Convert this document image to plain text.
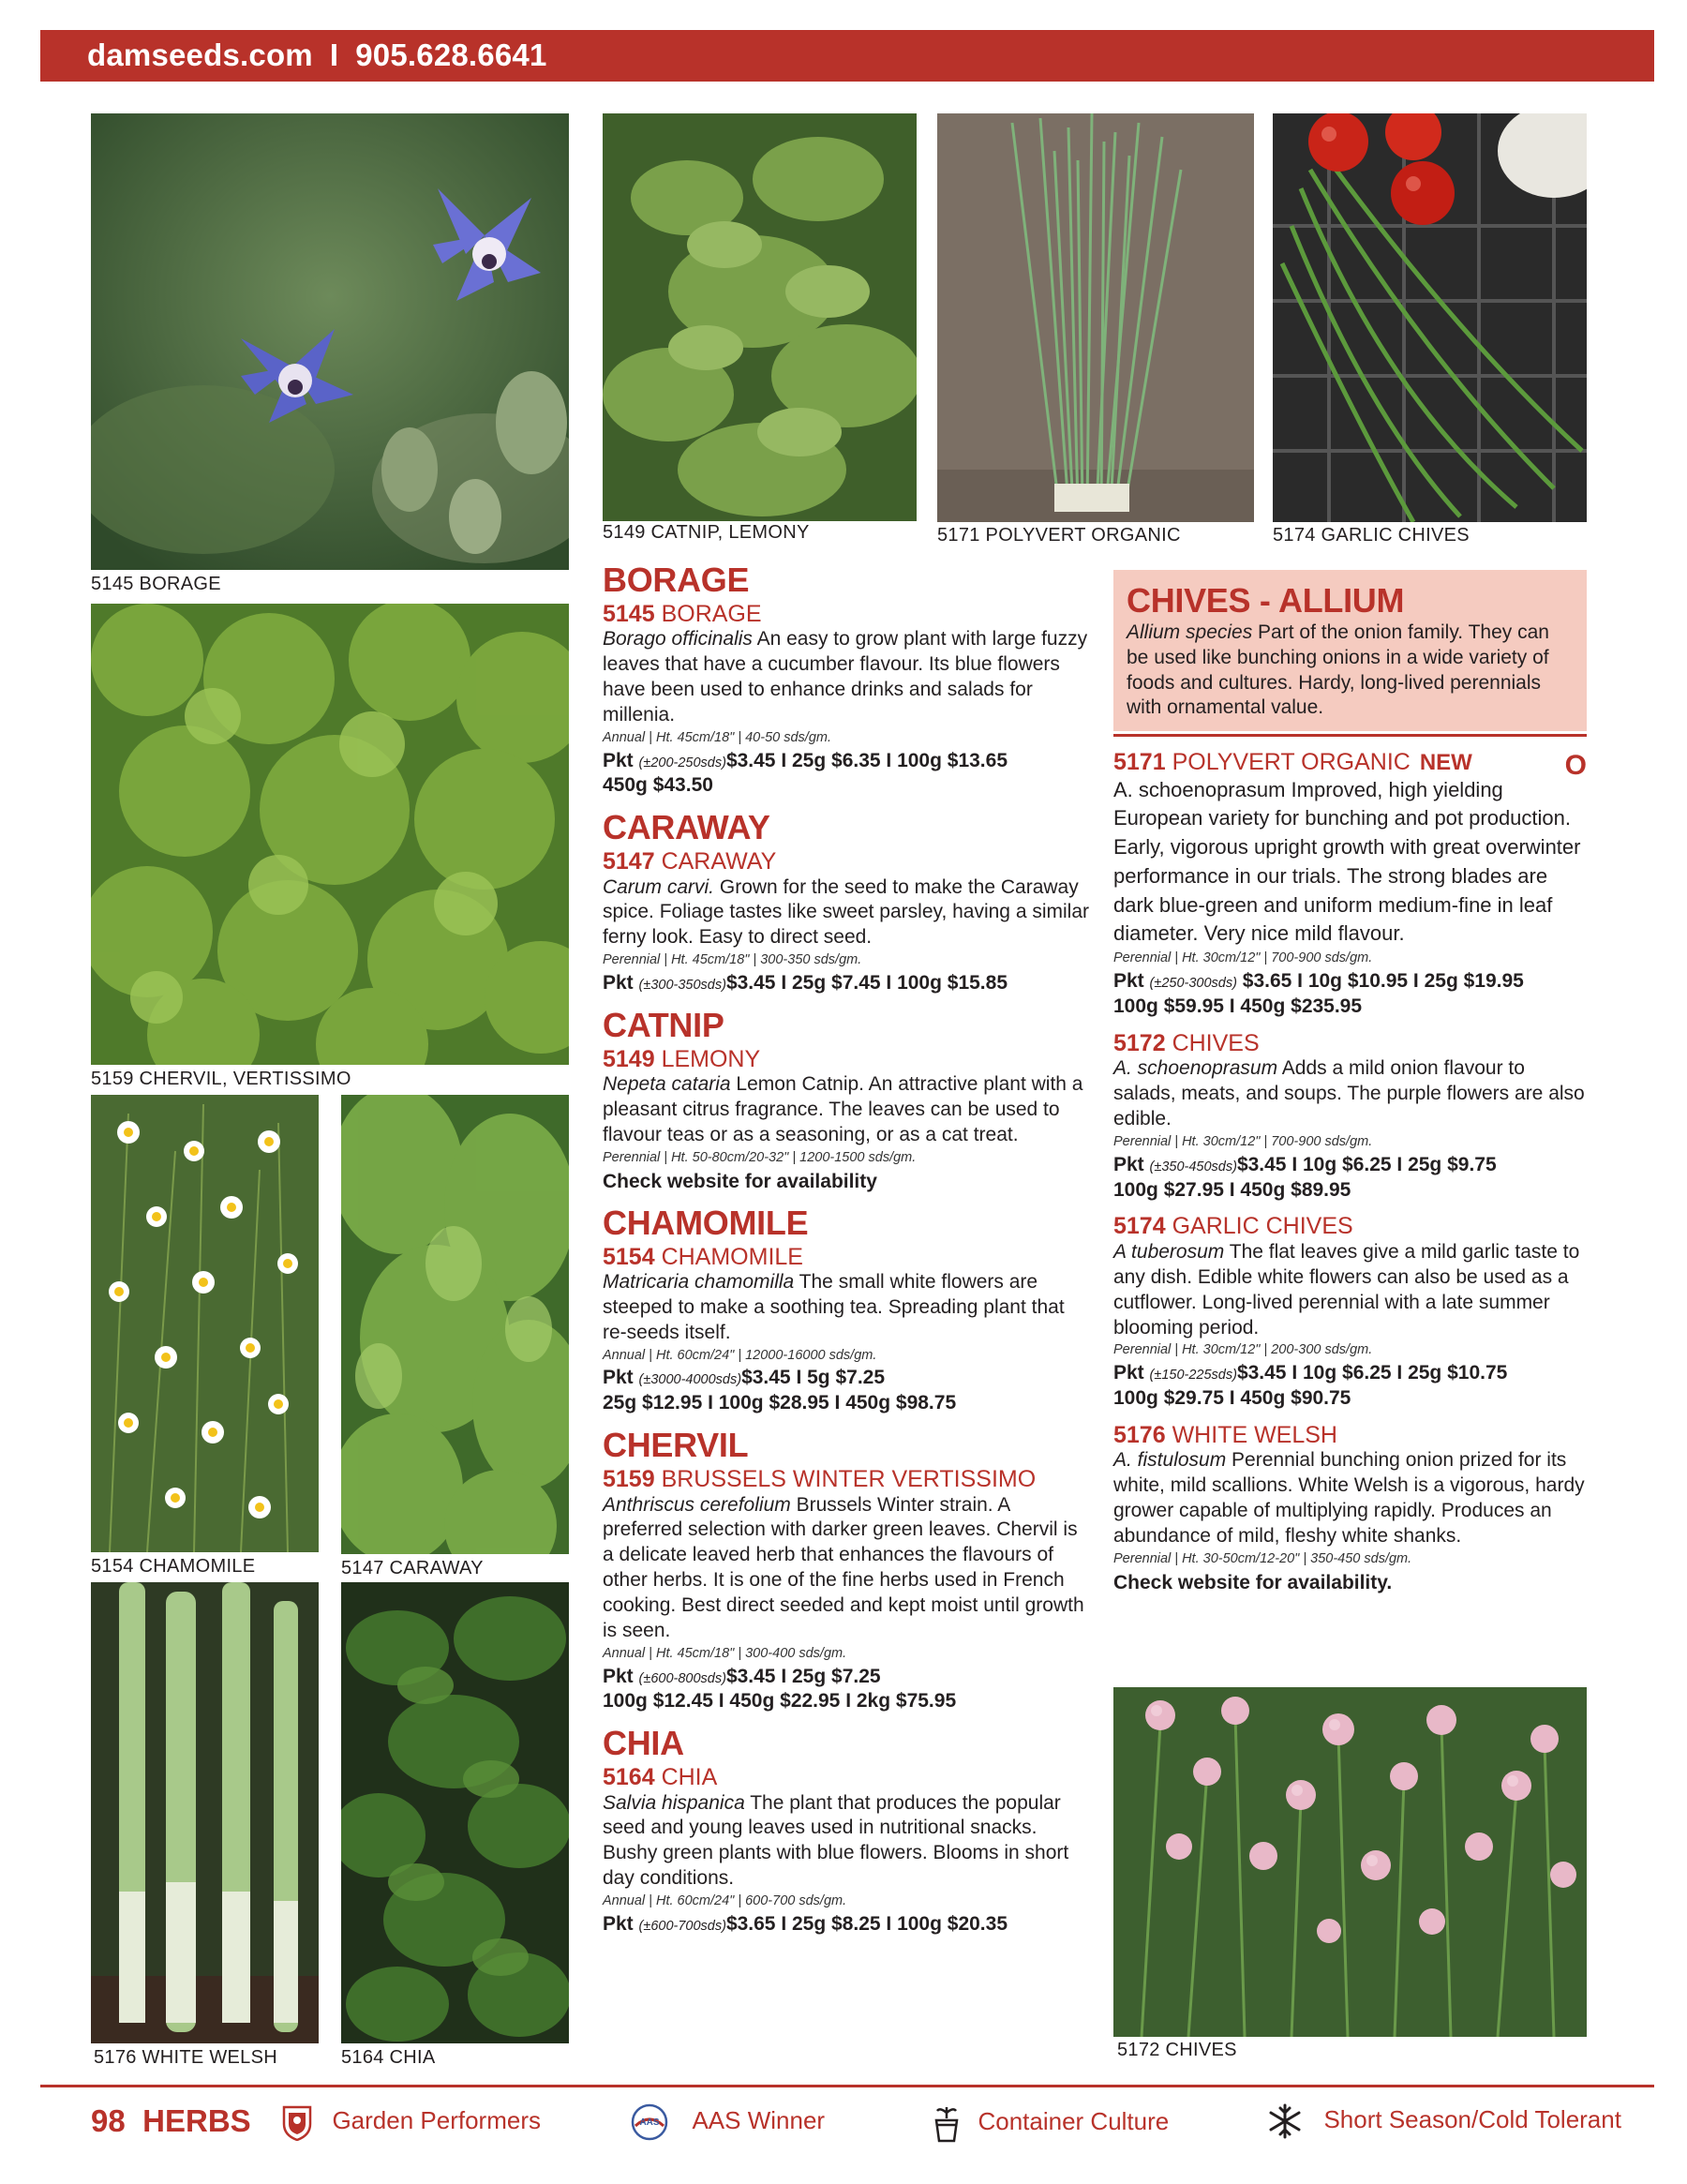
damseeds.com I 905.628.6641
5145 BORAGE
5149 CATNIP, LEMONY	5171 POLYVERT ORGANIC	5174 GARLIC CHIVES
5159 CHERVIL, VERTISSIMO
5154 CHAMOMILE	5147 CARAWAY
5176 WHITE WELSH	5164 CHIA	5172 CHIVES
BORAGE
5145 BORAGE
Borago officinalis An easy to grow plant with large fuzzy leaves that have a cucumber flavour. Its blue flowers have been used to enhance drinks and salads for millenia.
Annual | Ht. 45cm/18" | 40-50 sds/gm.
Pkt (±200-250sds)$3.45 I 25g $6.35 I 100g $13.65
450g $43.50
CARAWAY
5147 CARAWAY
Carum carvi. Grown for the seed to make the Caraway spice. Foliage tastes like sweet parsley, having a similar ferny look. Easy to direct seed.
Perennial | Ht. 45cm/18" | 300-350 sds/gm.
Pkt (±300-350sds)$3.45 I 25g $7.45 I 100g $15.85
CATNIP
5149 LEMONY
Nepeta cataria Lemon Catnip. An attractive plant with a pleasant citrus fragrance. The leaves can be used to flavour teas or as a seasoning, or as a cat treat.
Perennial | Ht. 50-80cm/20-32" | 1200-1500 sds/gm.
Check website for availability
CHAMOMILE
5154 CHAMOMILE
Matricaria chamomilla The small white flowers are steeped to make a soothing tea. Spreading plant that re-seeds itself.
Annual | Ht. 60cm/24" | 12000-16000 sds/gm.
Pkt (±3000-4000sds)$3.45 I 5g $7.25
25g $12.95 I 100g $28.95 I 450g $98.75
CHERVIL
5159 BRUSSELS WINTER VERTISSIMO
Anthriscus cerefolium Brussels Winter strain. A preferred selection with darker green leaves. Chervil is a delicate leaved herb that enhances the flavours of other herbs. It is one of the fine herbs used in French cooking. Best direct seeded and kept moist until growth is seen.
Annual | Ht. 45cm/18" | 300-400 sds/gm.
Pkt (±600-800sds)$3.45 I 25g $7.25
100g $12.45 I 450g $22.95 I 2kg $75.95
CHIA
5164 CHIA
Salvia hispanica The plant that produces the popular seed and young leaves used in nutritional snacks. Bushy green plants with blue flowers. Blooms in short day conditions.
Annual | Ht. 60cm/24" | 600-700 sds/gm.
Pkt (±600-700sds)$3.65 I 25g $8.25 I 100g $20.35
CHIVES - ALLIUM
Allium species Part of the onion family. They can be used like bunching onions in a wide variety of foods and cultures. Hardy, long-lived perennials with ornamental value.
5171 POLYVERT ORGANIC NEW	O
A. schoenoprasum Improved, high yielding European variety for bunching and pot production. Early, vigorous upright growth with great overwinter performance in our trials. The strong blades are dark blue-green and uniform medium-fine in leaf diameter. Very nice mild flavour.
Perennial | Ht. 30cm/12" | 700-900 sds/gm.
Pkt (±250-300sds) $3.65 I 10g $10.95 I 25g $19.95
100g $59.95 I 450g $235.95
5172 CHIVES
A. schoenoprasum Adds a mild onion flavour to salads, meats, and soups. The purple flowers are also edible.
Perennial | Ht. 30cm/12" | 700-900 sds/gm.
Pkt (±350-450sds)$3.45 I 10g $6.25 I 25g $9.75
100g $27.95 I 450g $89.95
5174 GARLIC CHIVES
A tuberosum The flat leaves give a mild garlic taste to any dish. Edible white flowers can also be used as a cutflower. Long-lived perennial with a late summer blooming period.
Perennial | Ht. 30cm/12" | 200-300 sds/gm.
Pkt (±150-225sds)$3.45 I 10g $6.25 I 25g $10.75
100g $29.75 I 450g $90.75
5176 WHITE WELSH
A. fistulosum Perennial bunching onion prized for its white, mild scallions. White Welsh is a vigorous, hardy grower capable of multiplying rapidly. Produces an abundance of mild, fleshy white shanks.
Perennial | Ht. 30-50cm/12-20" | 350-450 sds/gm.
Check website for availability.
98 HERBS	Garden Performers	AAS AAS Winner	Container Culture	Short Season/Cold Tolerant
